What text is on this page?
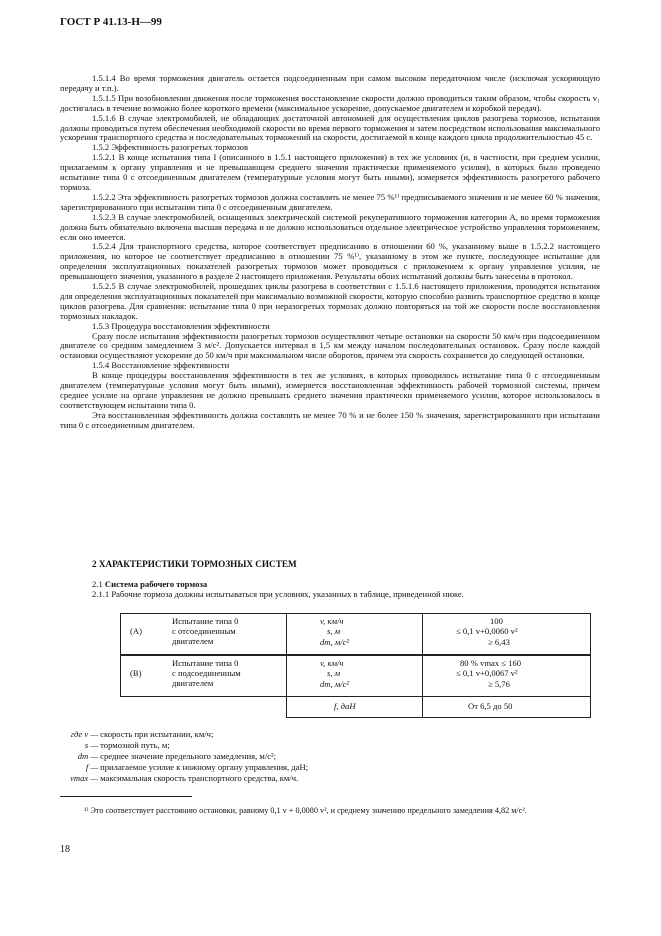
ГОСТ Р 41.13-Н—99

1.5.1.4 Во время торможения двигатель остается подсоединенным при самом высоком передаточном числе (исключая ускоряющую передачу и т.п.).

1.5.1.5 При возобновлении движения после торможения восстановление скорости должно проводиться таким образом, чтобы скорость v₁ достигалась в течение возможно более короткого времени (максимальное ускорение, допускаемое двигателем и коробкой передач).

1.5.1.6 В случае электромобилей, не обладающих достаточной автономией для осуществления циклов разогрева тормозов, испытания должны проводиться путем обеспечения необходимой скорости во время первого торможения и затем посредством использования максимального ускорения транспортного средства и последовательных торможений на скорости, достигаемой в конце каждого цикла продолжительностью 45 с.

1.5.2 Эффективность разогретых тормозов

1.5.2.1 В конце испытания типа I (описанного в 1.5.1 настоящего приложения) в тех же условиях (и, в частности, при среднем усилии, прилагаемом к органу управления и не превышающем среднего значения практически применяемого усилия), в которых было проведено испытание типа 0 с отсоединенным двигателем (температурные условия могут быть иными), измеряется эффективность разогретого рабочего тормоза.

1.5.2.2 Эта эффективность разогретых тормозов должна составлять не менее 75 %¹⁾ предписываемого значения и не менее 60 % значения, зарегистрированного при испытании типа 0 с отсоединенным двигателем.

1.5.2.3 В случае электромобилей, оснащенных электрической системой рекуперативного торможения категории А, во время торможения должна быть обязательно включена высшая передача и не должно использоваться отдельное электрическое устройство управления торможением, если оно имеется.

1.5.2.4 Для транспортного средства, которое соответствует предписанию в отношении 60 %, указанному выше в 1.5.2.2 настоящего приложения, но которое не соответствует предписанию в отношении 75 %¹⁾, указанному в этом же пункте, последующее испытание для определения эксплуатационных показателей разогретых тормозов может проводиться с приложением к органу управления усилия, не превышающего значения, указанного в разделе 2 настоящего приложения. Результаты обоих испытаний должны быть занесены в протокол.

1.5.2.5 В случае электромобилей, прошедших циклы разогрева в соответствии с 1.5.1.6 настоящего приложения, проводятся испытания для определения эксплуатационных показателей при максимально возможной скорости, которую способно развить транспортное средство в конце циклов разогрева. Для сравнения: испытание типа 0 при неразогретых тормозах должно повторяться на той же скорости после восстановления тормозных накладок.

1.5.3 Процедура восстановления эффективности

Сразу после испытания эффективности разогретых тормозов осуществляют четыре остановки на скорости 50 км/ч при подсоединенном двигателе со средним замедлением 3 м/с². Допускается интервал в 1,5 км между началом последовательных остановок. Сразу после каждой остановки осуществляют ускорение до 50 км/ч при максимальном числе оборотов, причем эта скорость сохраняется до следующей остановки.

1.5.4 Восстановление эффективности

В конце процедуры восстановления эффективности в тех же условиях, в которых проводилось испытание типа 0 с отсоединенным двигателем (температурные условия могут быть иными), измеряется восстановленная эффективность рабочей тормозной системы, причем среднее усилие на органе управления не должно превышать среднего значения практически применяемого усилия, которое использовалось в соответствующем испытании типа 0.

Эта восстановленная эффективность должна составлять не менее 70 % и не более 150 % значения, зарегистрированного при испытании типа 0 с отсоединенным двигателем.

2 ХАРАКТЕРИСТИКИ ТОРМОЗНЫХ СИСТЕМ

2.1 Система рабочего тормоза

2.1.1 Рабочие тормоза должны испытываться при условиях, указанных в таблице, приведенной ниже.

(A)
Испытание типа 0
с отсоединенным
двигателем
v, км/ч
s, м
dm, м/с²
100
≤ 0,1 v+0,0060 v²
≥ 6,43
(B)
Испытание типа 0
с подсоединенным
двигателем
v, км/ч
s, м
dm, м/с²
80 % vmax ≤ 160
≤ 0,1 v+0,0067 v²
≥ 5,76
f, даН	От 6,5 до 50
где v — скорость при испытании, км/ч;
s — тормозной путь, м;
dm — среднее значение предельного замедления, м/с²;
f — прилагаемое усилие к ножному органу управления, даН;
vmax — максимальная скорость транспортного средства, км/ч.
¹⁾ Это соответствует расстоянию остановки, равному 0,1 v + 0,0080 v², и среднему значению предельного замедления 4,82 м/с².
18
